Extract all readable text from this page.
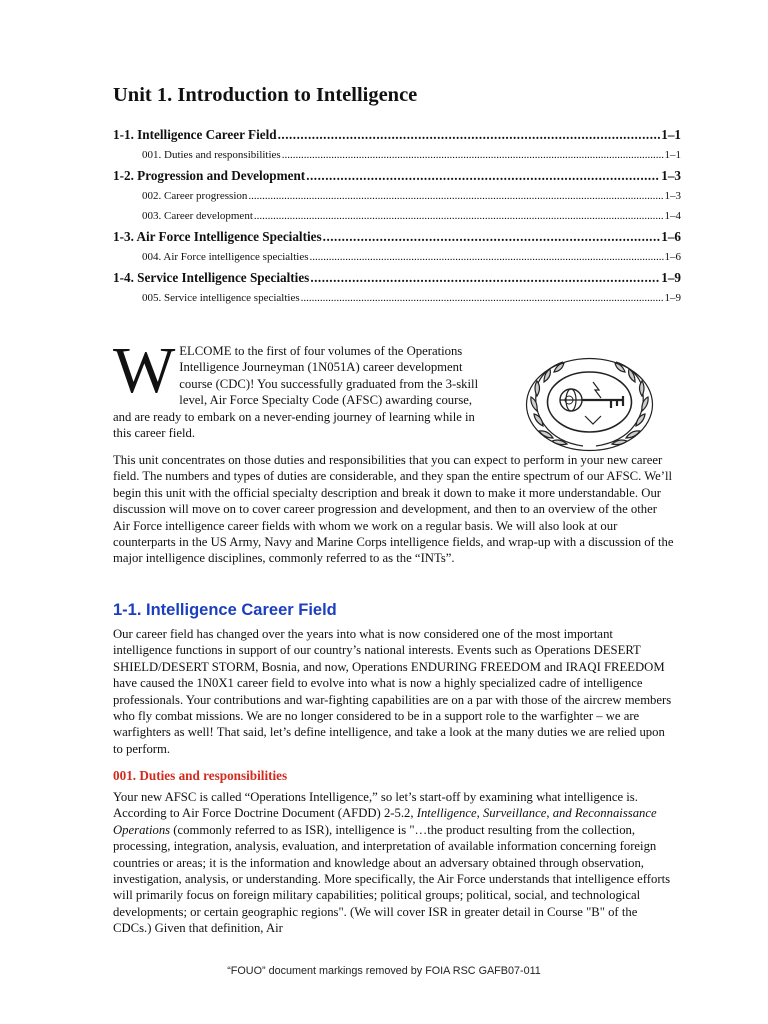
Unit 1. Introduction to Intelligence
1-1. Intelligence Career Field .....	1–1
001. Duties and responsibilities .....	1–1
1-2. Progression and Development .....	1–3
002. Career progression .....	1–3
003. Career development .....	1–4
1-3. Air Force Intelligence Specialties .....	1–6
004. Air Force intelligence specialties .....	1–6
1-4. Service Intelligence Specialties .....	1–9
005. Service intelligence specialties .....	1–9
W ELCOME to the first of four volumes of the Operations Intelligence Journeyman (1N051A) career development course (CDC)! You successfully graduated from the 3-skill level, Air Force Specialty Code (AFSC) awarding course, and are ready to embark on a never-ending journey of learning while in this career field.

This unit concentrates on those duties and responsibilities that you can expect to perform in your new career field. The numbers and types of duties are considerable, and they span the entire spectrum of our AFSC. We’ll begin this unit with the official specialty description and break it down to make it more understandable. Our discussion will move on to cover career progression and development, and then to an overview of the other Air Force intelligence career fields with whom we work on a regular basis. We will also look at our counterparts in the US Army, Navy and Marine Corps intelligence fields, and wrap-up with a discussion of the major intelligence disciplines, commonly referred to as the “INTs”.

1-1. Intelligence Career Field

Our career field has changed over the years into what is now considered one of the most important intelligence functions in support of our country’s national interests. Events such as Operations DESERT SHIELD/DESERT STORM, Bosnia, and now, Operations ENDURING FREEDOM and IRAQI FREEDOM have caused the 1N0X1 career field to evolve into what is now a highly specialized cadre of intelligence professionals. Your contributions and war-fighting capabilities are on a par with those of the aircrew members who fly combat missions. We are no longer considered to be in a support role to the warfighter – we are warfighters as well! That said, let’s define intelligence, and take a look at the many duties we are relied upon to perform.

001. Duties and responsibilities

Your new AFSC is called “Operations Intelligence,” so let’s start-off by examining what intelligence is. According to Air Force Doctrine Document (AFDD) 2-5.2, Intelligence, Surveillance, and Reconnaissance Operations (commonly referred to as ISR), intelligence is "…the product resulting from the collection, processing, integration, analysis, evaluation, and interpretation of available information concerning foreign countries or areas; it is the information and knowledge about an adversary obtained through observation, investigation, analysis, or understanding. More specifically, the Air Force understands that intelligence efforts will primarily focus on foreign military capabilities; political groups; political, social, and technological developments; or certain geographic regions". (We will cover ISR in greater detail in Course "B" of the CDCs.) Given that definition, Air

“FOUO” document markings removed by FOIA RSC GAFB07-011
